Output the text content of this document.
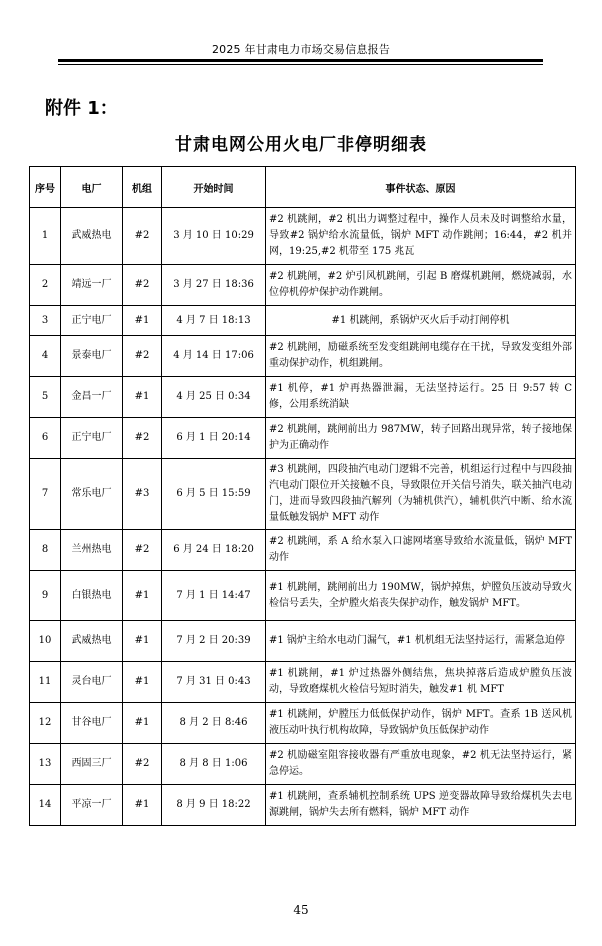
2025 年甘肃电力市场交易信息报告
附件 1：
甘肃电网公用火电厂非停明细表
序号	电厂	机组	开始时间	事件状态、原因
1	武威热电	#2	3 月 10 日 10:29	#2 机跳闸，#2 机出力调整过程中，操作人员未及时调整给水量，导致#2 锅炉给水流量低，锅炉 MFT 动作跳闸；16:44，#2 机并网，19:25,#2 机带至 175 兆瓦
2	靖远一厂	#2	3 月 27 日 18:36	#2 机跳闸，#2 炉引风机跳闸，引起 B 磨煤机跳闸，燃烧减弱，水位停机停炉保护动作跳闸。
3	正宁电厂	#1	4 月 7 日 18:13	#1 机跳闸，系锅炉灭火后手动打闸停机
4	景泰电厂	#2	4 月 14 日 17:06	#2 机跳闸，励磁系统至发变组跳闸电缆存在干扰，导致发变组外部重动保护动作，机组跳闸。
5	金昌一厂	#1	4 月 25 日 0:34	#1 机停，#1 炉再热器泄漏，无法坚持运行。25 日 9:57 转 C 修，公用系统消缺
6	正宁电厂	#2	6 月 1 日 20:14	#2 机跳闸，跳闸前出力 987MW，转子回路出现异常，转子接地保护为正确动作
7	常乐电厂	#3	6 月 5 日 15:59	#3 机跳闸，四段抽汽电动门逻辑不完善，机组运行过程中与四段抽汽电动门限位开关接触不良，导致限位开关信号消失，联关抽汽电动门，进而导致四段抽汽解列（为辅机供汽），辅机供汽中断、给水流量低触发锅炉 MFT 动作
8	兰州热电	#2	6 月 24 日 18:20	#2 机跳闸，系 A 给水泵入口滤网堵塞导致给水流量低，锅炉 MFT 动作
9	白银热电	#1	7 月 1 日 14:47	#1 机跳闸，跳闸前出力 190MW，锅炉掉焦，炉膛负压波动导致火检信号丢失，全炉膛火焰丧失保护动作，触发锅炉 MFT。
10	武威热电	#1	7 月 2 日 20:39	#1 锅炉主给水电动门漏气，#1 机机组无法坚持运行，需紧急迫停
11	灵台电厂	#1	7 月 31 日 0:43	#1 机跳闸，#1 炉过热器外侧结焦，焦块掉落后造成炉膛负压波动，导致磨煤机火检信号短时消失，触发#1 机 MFT
12	甘谷电厂	#1	8 月 2 日 8:46	#1 机跳闸，炉膛压力低低保护动作，锅炉 MFT。查系 1B 送风机液压动叶执行机构故障，导致锅炉负压低保护动作
13	西固三厂	#2	8 月 8 日 1:06	#2 机励磁室阻容接收器有严重放电现象，#2 机无法坚持运行，紧急停运。
14	平凉一厂	#1	8 月 9 日 18:22	#1 机跳闸，查系辅机控制系统 UPS 逆变器故障导致给煤机失去电源跳闸，锅炉失去所有燃料，锅炉 MFT 动作
45
